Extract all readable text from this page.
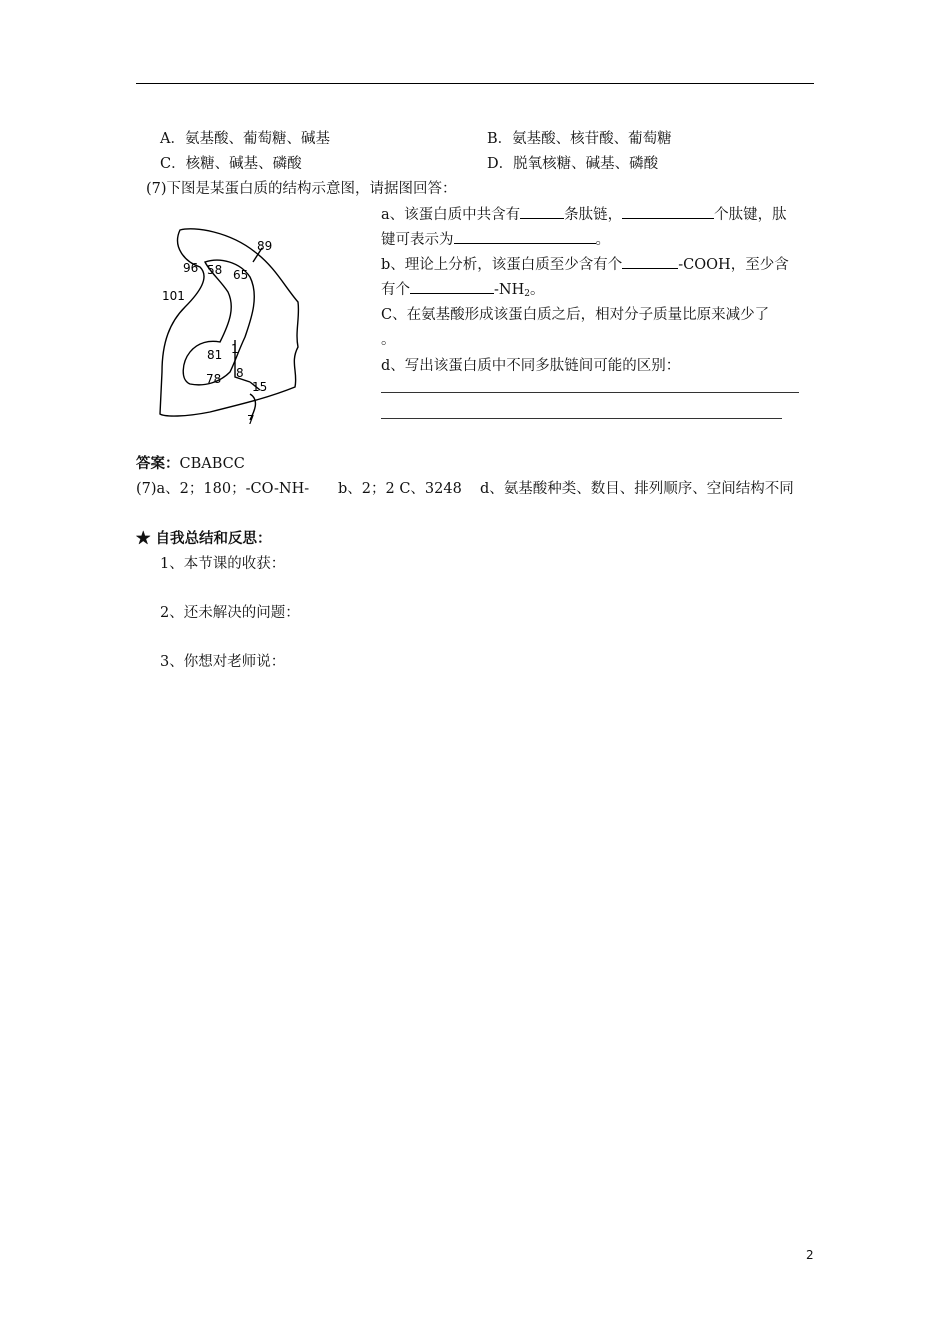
A．氨基酸、葡萄糖、碱基	B．氨基酸、核苷酸、葡萄糖
C．核糖、碱基、磷酸	D．脱氧核糖、碱基、磷酸
(7)下图是某蛋白质的结构示意图，请据图回答：
89
96 58 65
101
81 1
8
78
15
7
a、该蛋白质中共含有	条肽链，	个肽键，肽
键可表示为	。
b、理论上分析，该蛋白质至少含有个	-COOH，至少含
有个	$-NH_2$。
C、在氨基酸形成该蛋白质之后，相对分子质量比原来减少了
。
d、写出该蛋白质中不同多肽链间可能的区别：
答案：CBABCC
(7)a、2；180；-CO-NH- b、2；2 C、3248 d、氨基酸种类、数目、排列顺序、空间结构不同
★ 自我总结和反思：
1、本节课的收获：
2、还未解决的问题：
3、你想对老师说：
2
